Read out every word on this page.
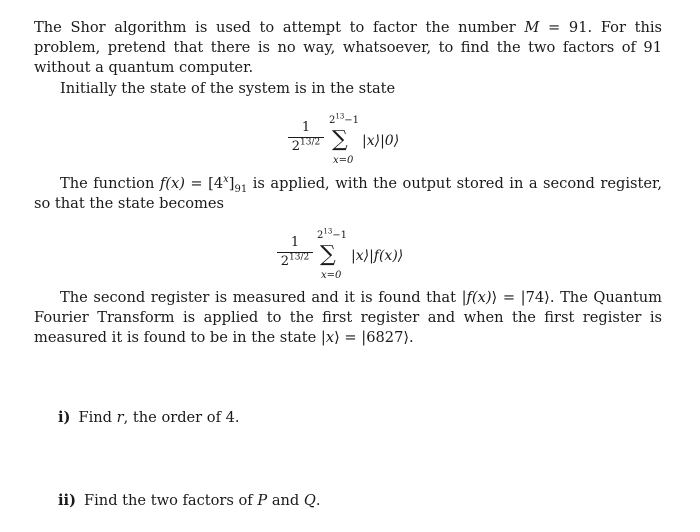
The Shor algorithm is used to attempt to factor the number M = 91. For this problem, pretend that there is no way, whatsoever, to find the two factors of 91 without a quantum computer.

Initially the state of the system is in the state

1
$2^{13/2}$
$2^{13}-1$
∑
x=0
|x⟩|0⟩

The function $f(x) = [4^x]_{91}$ is applied, with the output stored in a second register, so that the state becomes

1
$2^{13/2}$
$2^{13}-1$
∑
x=0
|x⟩|f(x)⟩

The second register is measured and it is found that |f(x)⟩ = |74⟩. The Quantum Fourier Transform is applied to the first register and when the first register is measured it is found to be in the state |x⟩ = |6827⟩.

i) Find r, the order of 4.
ii) Find the two factors of P and Q.
